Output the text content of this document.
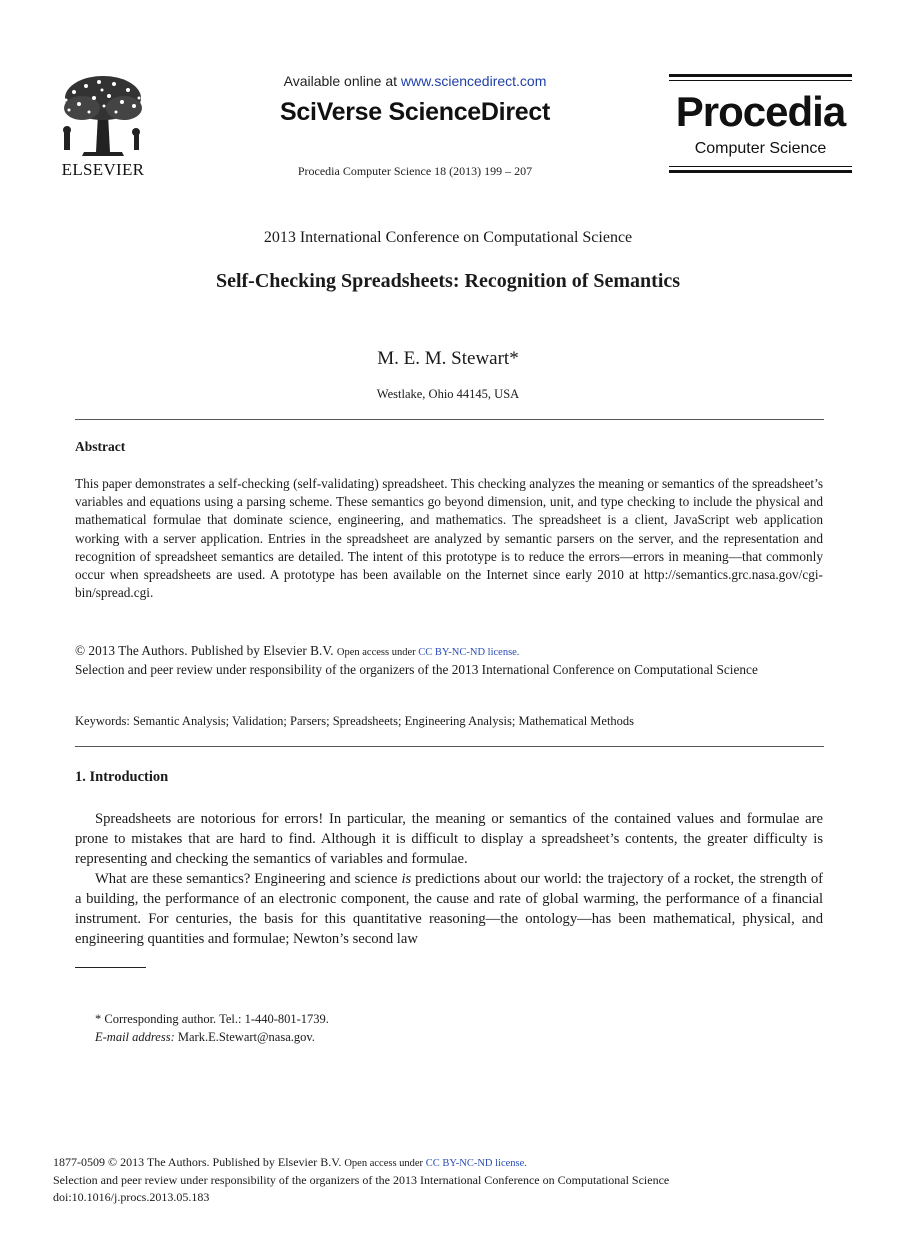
ELSEVIER
Available online at www.sciencedirect.com
SciVerse ScienceDirect
Procedia Computer Science 18 (2013) 199 – 207
Procedia
Computer Science
2013 International Conference on Computational Science
Self-Checking Spreadsheets: Recognition of Semantics
M. E. M. Stewart*
Westlake, Ohio 44145, USA
Abstract
This paper demonstrates a self-checking (self-validating) spreadsheet. This checking analyzes the meaning or semantics of the spreadsheet’s variables and equations using a parsing scheme. These semantics go beyond dimension, unit, and type checking to include the physical and mathematical formulae that dominate science, engineering, and mathematics. The spreadsheet is a client, JavaScript web application working with a server application. Entries in the spreadsheet are analyzed by semantic parsers on the server, and the representation and recognition of spreadsheet semantics are detailed. The intent of this prototype is to reduce the errors—errors in meaning—that commonly occur when spreadsheets are used. A prototype has been available on the Internet since early 2010 at http://semantics.grc.nasa.gov/cgi-bin/spread.cgi.
© 2013 The Authors. Published by Elsevier B.V. Open access under CC BY-NC-ND license.
Selection and peer review under responsibility of the organizers of the 2013 International Conference on Computational Science
Keywords: Semantic Analysis; Validation; Parsers; Spreadsheets; Engineering Analysis; Mathematical Methods
1. Introduction

Spreadsheets are notorious for errors! In particular, the meaning or semantics of the contained values and formulae are prone to mistakes that are hard to find. Although it is difficult to display a spreadsheet’s contents, the greater difficulty is representing and checking the semantics of variables and formulae.

What are these semantics? Engineering and science is predictions about our world: the trajectory of a rocket, the strength of a building, the performance of an electronic component, the cause and rate of global warming, the performance of a financial instrument. For centuries, the basis for this quantitative reasoning—the ontology—has been mathematical, physical, and engineering quantities and formulae; Newton’s second law

* Corresponding author. Tel.: 1-440-801-1739.
E-mail address: Mark.E.Stewart@nasa.gov.
1877-0509 © 2013 The Authors. Published by Elsevier B.V. Open access under CC BY-NC-ND license.
Selection and peer review under responsibility of the organizers of the 2013 International Conference on Computational Science
doi:10.1016/j.procs.2013.05.183
